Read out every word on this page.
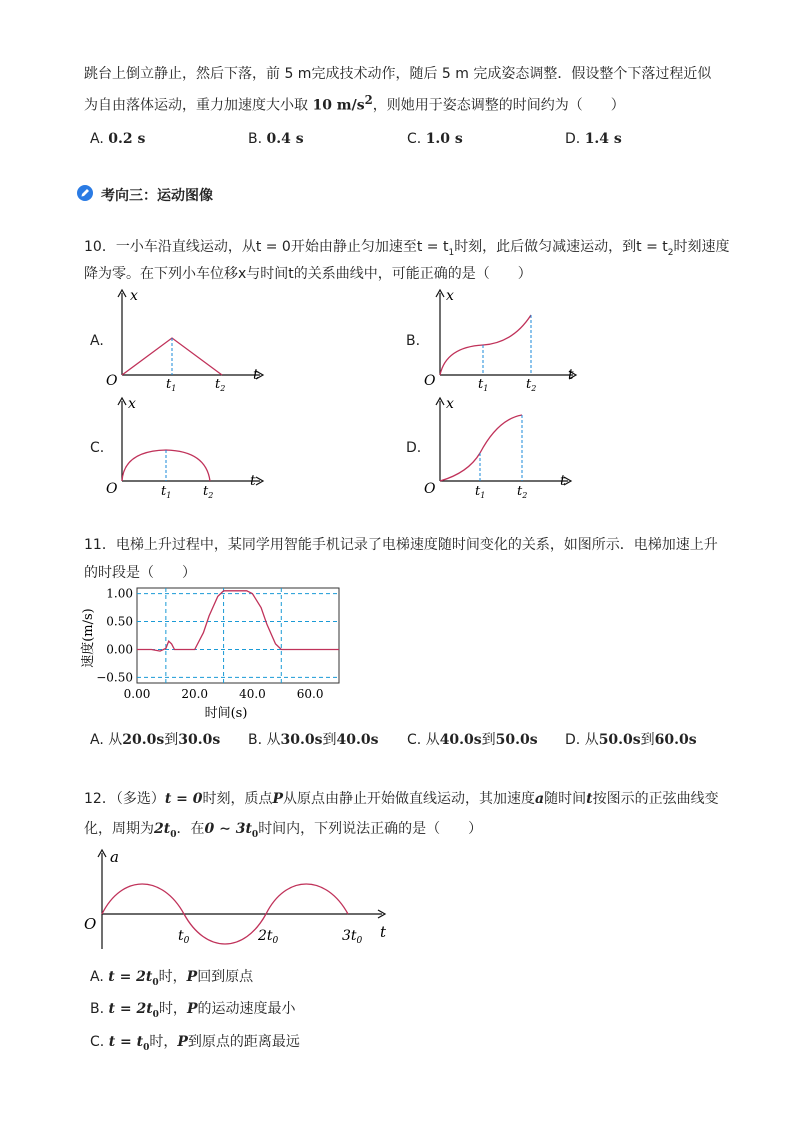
跳台上倒立静止，然后下落，前 5 m完成技术动作，随后 5 m 完成姿态调整．假设整个下落过程近似
为自由落体运动，重力加速度大小取 10 $m/s^2$，则她用于姿态调整的时间约为（　　）
A. 0.2 s	B. 0.4 s	C. 1.0 s	D. 1.4 s
考向三：运动图像
10．一小车沿直线运动，从t = 0开始由静止匀加速至$t = t_1$时刻，此后做匀减速运动，到$t = t_2$时刻速度
降为零。在下列小车位移x与时间t的关系曲线中，可能正确的是（　　）
A.	B.
C.	D.
x
O	$t_1$	$t_2$
t
x
O	$t_1$	$t_2$
t
x
O	$t_1$ $t_2$
t
x
O	$t_1$ $t_2$
t
11．电梯上升过程中，某同学用智能手机记录了电梯速度随时间变化的关系，如图所示．电梯加速上升
的时段是（　　）
1.00
0.50
0.00
−0.50
0.00	20.0	40.0	60.0
速度(m/s)
时间(s)
A. 从20.0s到30.0s B. 从30.0s到40.0s C. 从40.0s到50.0s D. 从50.0s到60.0s
12．（多选）t = 0时刻，质点P从原点由静止开始做直线运动，其加速度a随时间t按图示的正弦曲线变
化，周期为$2t_0$．在0 ∼ $3t_0$时间内，下列说法正确的是（　　）
a
O
$t_0$	$2t_0$	$3t_0$ t
A. $t = 2t_0$时，P回到原点
B. $t = 2t_0$时，P的运动速度最小
C. $t = t_0$时，P到原点的距离最远
